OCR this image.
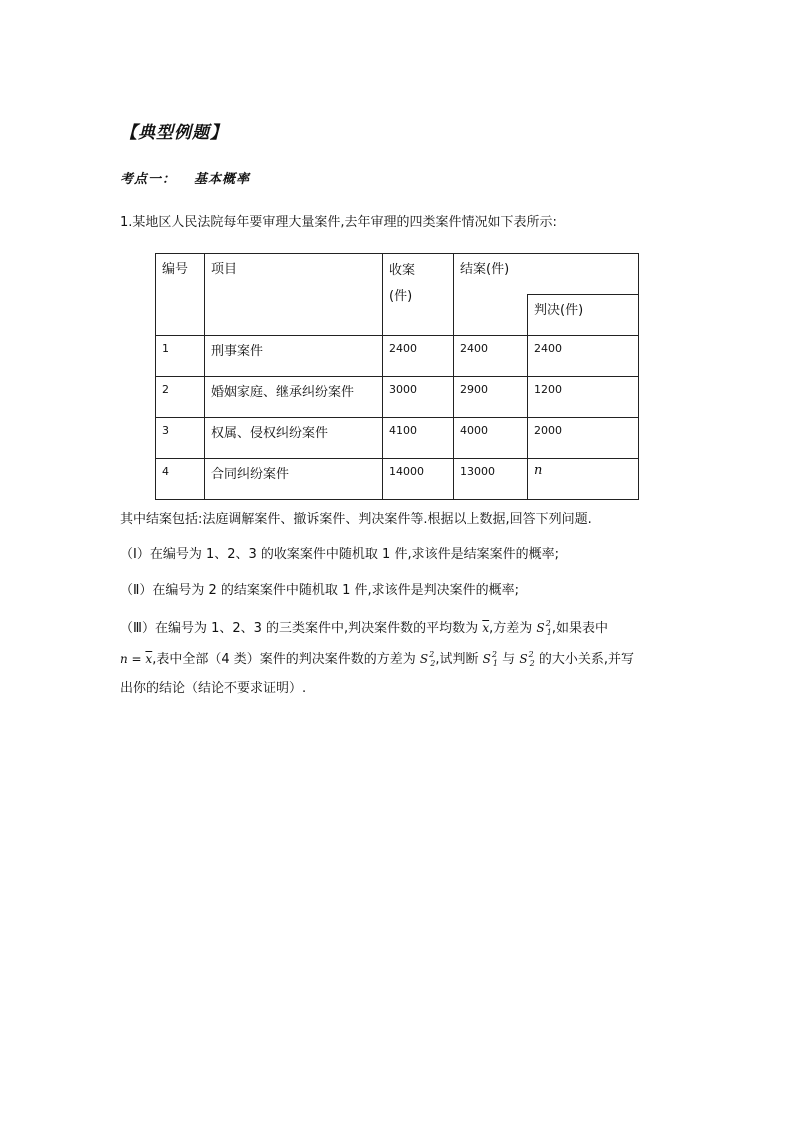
【典型例题】
考点一： 基本概率
1.某地区人民法院每年要审理大量案件,去年审理的四类案件情况如下表所示:
编号	项目	收案
(件)	结案(件)	
				判决(件)
1	刑事案件	2400	2400	2400
2	婚姻家庭、继承纠纷案件	3000	2900	1200
3	权属、侵权纠纷案件	4100	4000	2000
4	合同纠纷案件	14000	13000	n
其中结案包括:法庭调解案件、撤诉案件、判决案件等.根据以上数据,回答下列问题.
（Ⅰ）在编号为 1、2、3 的收案案件中随机取 1 件,求该件是结案案件的概率;
（Ⅱ）在编号为 2 的结案案件中随机取 1 件,求该件是判决案件的概率;
（Ⅲ）在编号为 1、2、3 的三类案件中,判决案件数的平均数为 $\overline{x}$,方差为 $S^2_1$,如果表中
$n = \overline{x}$,表中全部（4 类）案件的判决案件数的方差为 $S^2_2$,试判断 $S^2_1$ 与 $S^2_2$ 的大小关系,并写
出你的结论（结论不要求证明）.
